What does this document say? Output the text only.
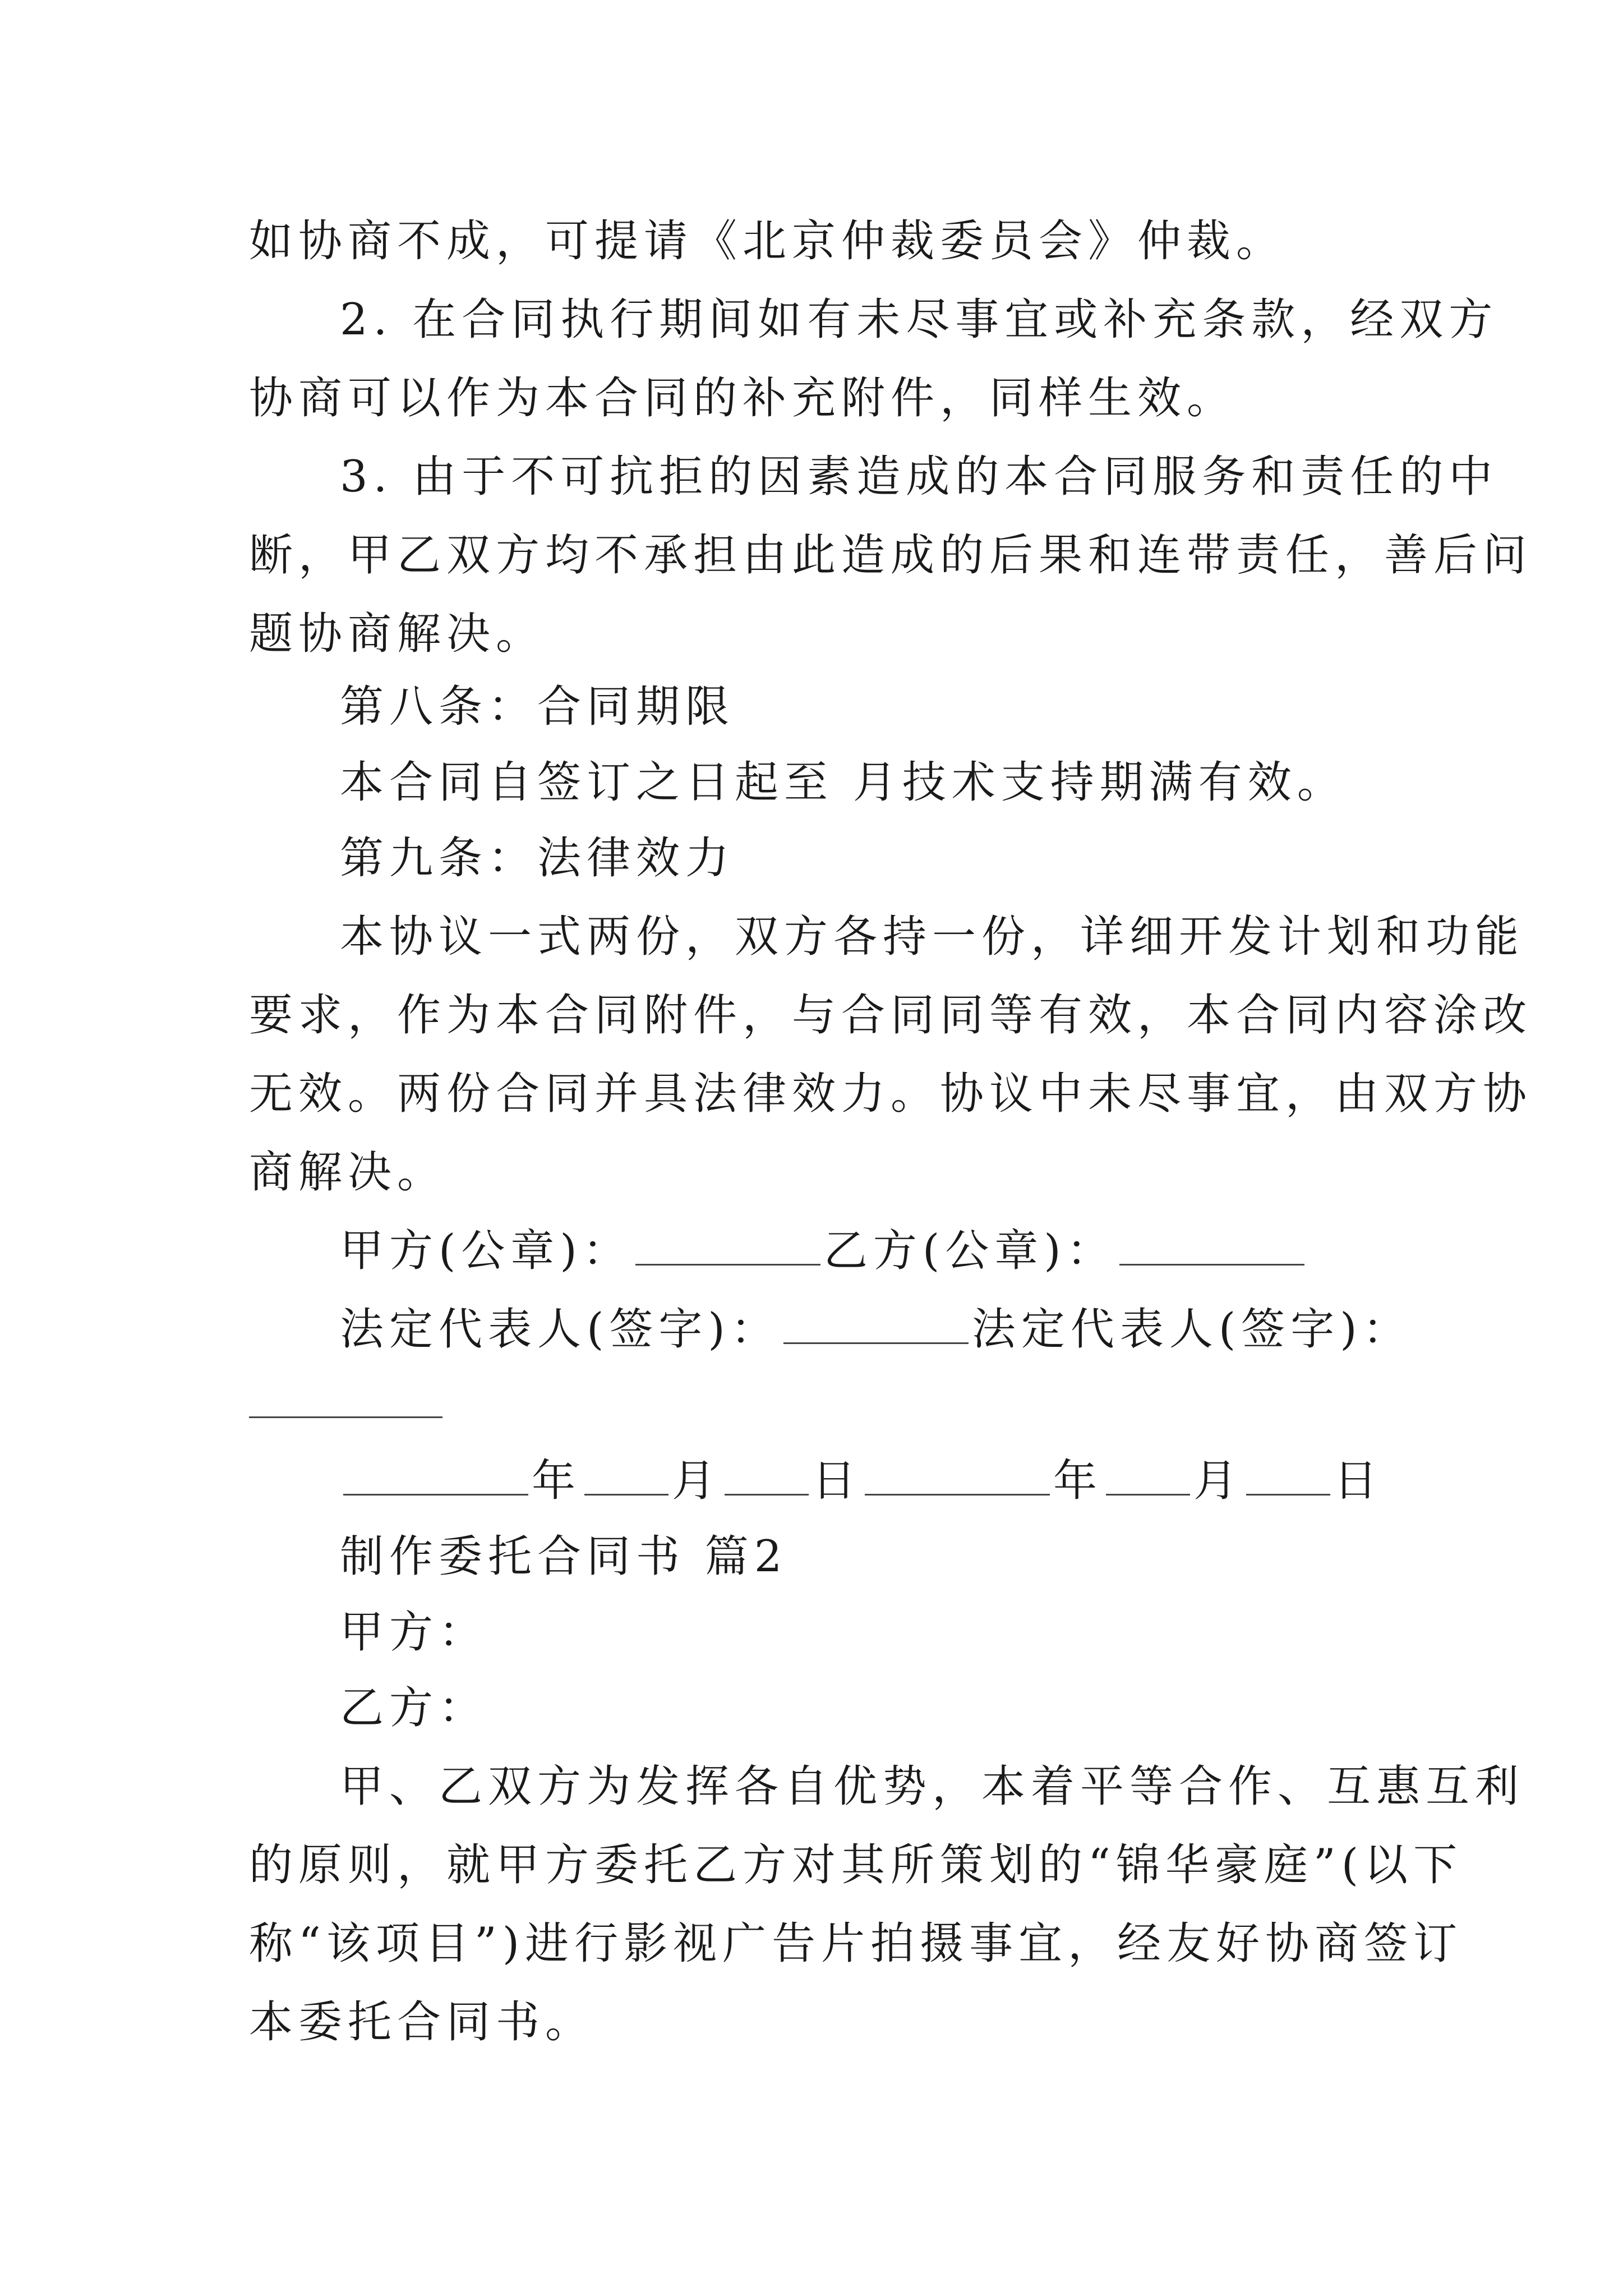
如协商不成，可提请《北京仲裁委员会》仲裁。
2. 在合同执行期间如有未尽事宜或补充条款，经双方
协商可以作为本合同的补充附件，同样生效。
3. 由于不可抗拒的因素造成的本合同服务和责任的中
断，甲乙双方均不承担由此造成的后果和连带责任，善后问
题协商解决。
第八条：合同期限
本合同自签订之日起至 月技术支持期满有效。
第九条：法律效力
本协议一式两份，双方各持一份，详细开发计划和功能
要求，作为本合同附件，与合同同等有效，本合同内容涂改
无效。两份合同并具法律效力。协议中未尽事宜，由双方协
商解决。
甲方(公章)：	乙方(公章)：
法定代表人(签字)：	法定代表人(签字)：
年 月 日	年 月 日
制作委托合同书 篇2
甲方：
乙方：
甲、乙双方为发挥各自优势，本着平等合作、互惠互利
的原则，就甲方委托乙方对其所策划的“锦华豪庭”(以下
称“该项目”)进行影视广告片拍摄事宜，经友好协商签订
本委托合同书。
